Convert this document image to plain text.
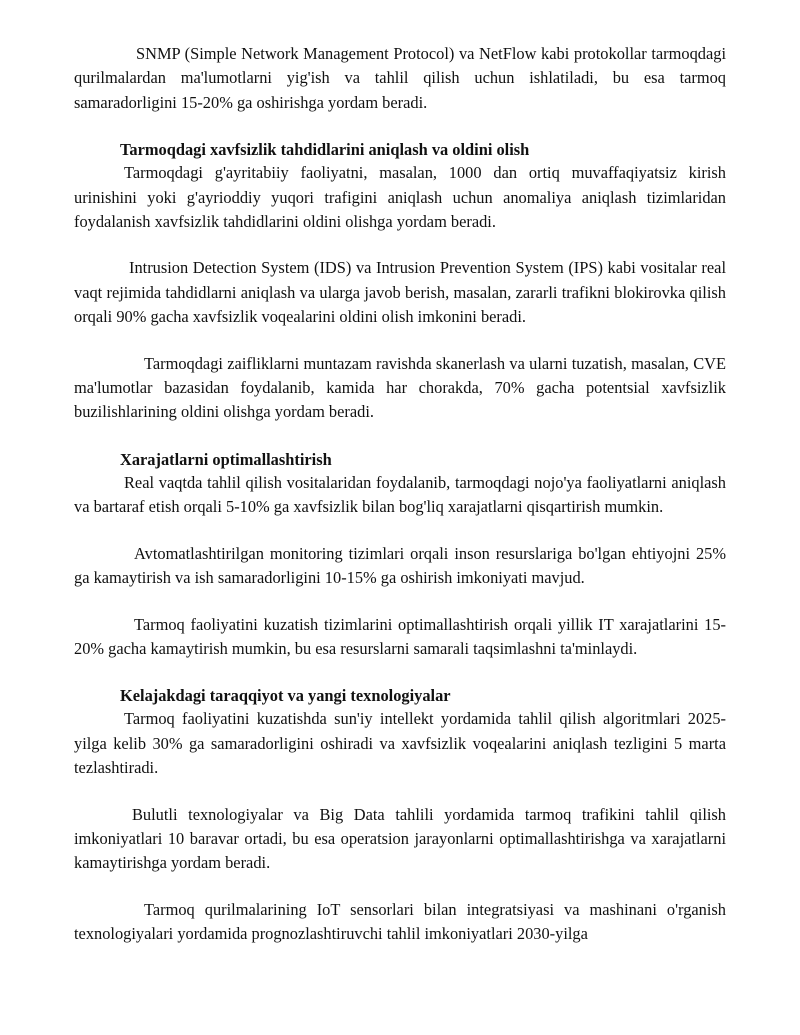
SNMP (Simple Network Management Protocol) va NetFlow kabi protokollar tarmoqdagi qurilmalardan ma'lumotlarni yig'ish va tahlil qilish uchun ishlatiladi, bu esa tarmoq samaradorligini 15-20% ga oshirishga yordam beradi.

Tarmoqdagi xavfsizlik tahdidlarini aniqlash va oldini olish

Tarmoqdagi g'ayritabiiy faoliyatni, masalan, 1000 dan ortiq muvaffaqiyatsiz kirish urinishini yoki g'ayrioddiy yuqori trafigini aniqlash uchun anomaliya aniqlash tizimlaridan foydalanish xavfsizlik tahdidlarini oldini olishga yordam beradi.

Intrusion Detection System (IDS) va Intrusion Prevention System (IPS) kabi vositalar real vaqt rejimida tahdidlarni aniqlash va ularga javob berish, masalan, zararli trafikni blokirovka qilish orqali 90% gacha xavfsizlik voqealarini oldini olish imkonini beradi.

Tarmoqdagi zaifliklarni muntazam ravishda skanerlash va ularni tuzatish, masalan, CVE ma'lumotlar bazasidan foydalanib, kamida har chorakda, 70% gacha potentsial xavfsizlik buzilishlarining oldini olishga yordam beradi.

Xarajatlarni optimallashtirish

Real vaqtda tahlil qilish vositalaridan foydalanib, tarmoqdagi nojo'ya faoliyatlarni aniqlash va bartaraf etish orqali 5-10% ga xavfsizlik bilan bog'liq xarajatlarni qisqartirish mumkin.

Avtomatlashtirilgan monitoring tizimlari orqali inson resurslariga bo'lgan ehtiyojni 25% ga kamaytirish va ish samaradorligini 10-15% ga oshirish imkoniyati mavjud.

Tarmoq faoliyatini kuzatish tizimlarini optimallashtirish orqali yillik IT xarajatlarini 15-20% gacha kamaytirish mumkin, bu esa resurslarni samarali taqsimlashni ta'minlaydi.

Kelajakdagi taraqqiyot va yangi texnologiyalar

Tarmoq faoliyatini kuzatishda sun'iy intellekt yordamida tahlil qilish algoritmlari 2025-yilga kelib 30% ga samaradorligini oshiradi va xavfsizlik voqealarini aniqlash tezligini 5 marta tezlashtiradi.

Bulutli texnologiyalar va Big Data tahlili yordamida tarmoq trafikini tahlil qilish imkoniyatlari 10 baravar ortadi, bu esa operatsion jarayonlarni optimallashtirishga va xarajatlarni kamaytirishga yordam beradi.

Tarmoq qurilmalarining IoT sensorlari bilan integratsiyasi va mashinani o'rganish texnologiyalari yordamida prognozlashtiruvchi tahlil imkoniyatlari 2030-yilga
